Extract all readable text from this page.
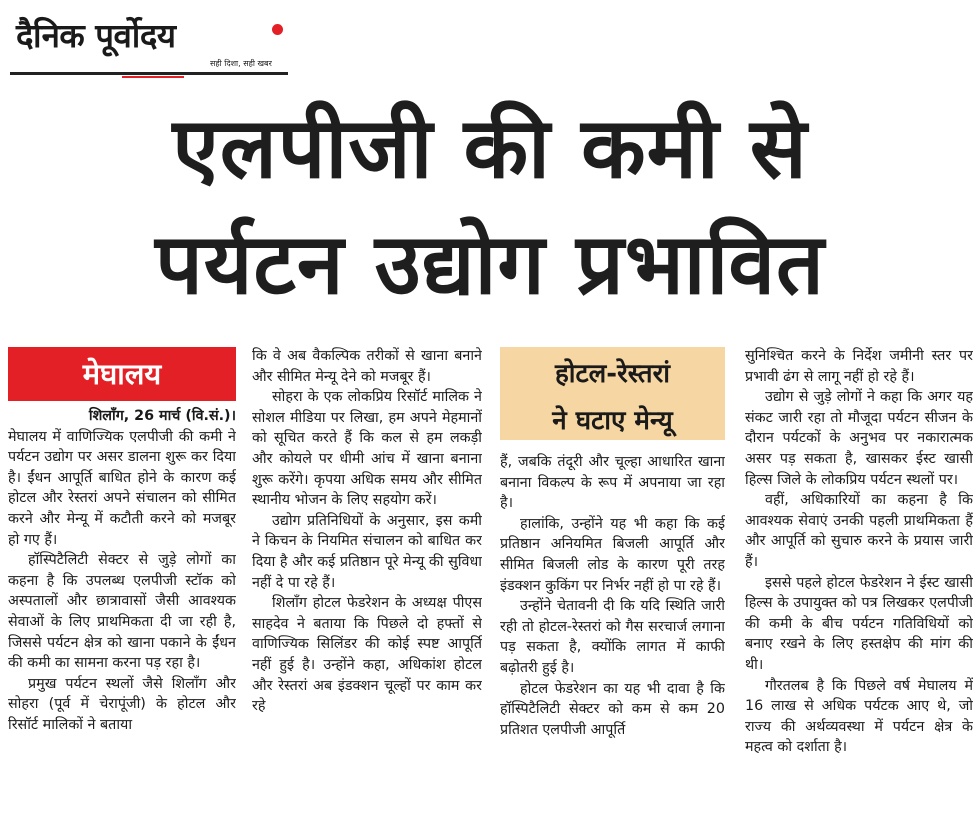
दैनिक पूर्वोदय
सही दिशा, सही खबर
एलपीजी की कमी से
पर्यटन उद्योग प्रभावित
मेघालय

शिलॉंग, 26 मार्च (वि.सं.)।

मेघालय में वाणिज्यिक एलपीजी की कमी ने पर्यटन उद्योग पर असर डालना शुरू कर दिया है। ईंधन आपूर्ति बाधित होने के कारण कई होटल और रेस्तरां अपने संचालन को सीमित करने और मेन्यू में कटौती करने को मजबूर हो गए हैं।

हॉस्पिटैलिटी सेक्टर से जुड़े लोगों का कहना है कि उपलब्ध एलपीजी स्टॉक को अस्पतालों और छात्रावासों जैसी आवश्यक सेवाओं के लिए प्राथमिकता दी जा रही है, जिससे पर्यटन क्षेत्र को खाना पकाने के ईंधन की कमी का सामना करना पड़ रहा है।

प्रमुख पर्यटन स्थलों जैसे शिलॉंग और सोहरा (पूर्व में चेरापूंजी) के होटल और रिसॉर्ट मालिकों ने बताया

कि वे अब वैकल्पिक तरीकों से खाना बनाने और सीमित मेन्यू देने को मजबूर हैं।

सोहरा के एक लोकप्रिय रिसॉर्ट मालिक ने सोशल मीडिया पर लिखा, हम अपने मेहमानों को सूचित करते हैं कि कल से हम लकड़ी और कोयले पर धीमी आंच में खाना बनाना शुरू करेंगे। कृपया अधिक समय और सीमित स्थानीय भोजन के लिए सहयोग करें।

उद्योग प्रतिनिधियों के अनुसार, इस कमी ने किचन के नियमित संचालन को बाधित कर दिया है और कई प्रतिष्ठान पूरे मेन्यू की सुविधा नहीं दे पा रहे हैं।

शिलॉंग होटल फेडरेशन के अध्यक्ष पीएस साहदेव ने बताया कि पिछले दो हफ्तों से वाणिज्यिक सिलिंडर की कोई स्पष्ट आपूर्ति नहीं हुई है। उन्होंने कहा, अधिकांश होटल और रेस्तरां अब इंडक्शन चूल्हों पर काम कर रहे

होटल-रेस्तरां
ने घटाए मेन्यू

हैं, जबकि तंदूरी और चूल्हा आधारित खाना बनाना विकल्प के रूप में अपनाया जा रहा है।

हालांकि, उन्होंने यह भी कहा कि कई प्रतिष्ठान अनियमित बिजली आपूर्ति और सीमित बिजली लोड के कारण पूरी तरह इंडक्शन कुकिंग पर निर्भर नहीं हो पा रहे हैं।

उन्होंने चेतावनी दी कि यदि स्थिति जारी रही तो होटल-रेस्तरां को गैस सरचार्ज लगाना पड़ सकता है, क्योंकि लागत में काफी बढ़ोतरी हुई है।

होटल फेडरेशन का यह भी दावा है कि हॉस्पिटैलिटी सेक्टर को कम से कम 20 प्रतिशत एलपीजी आपूर्ति

सुनिश्चित करने के निर्देश जमीनी स्तर पर प्रभावी ढंग से लागू नहीं हो रहे हैं।

उद्योग से जुड़े लोगों ने कहा कि अगर यह संकट जारी रहा तो मौजूदा पर्यटन सीजन के दौरान पर्यटकों के अनुभव पर नकारात्मक असर पड़ सकता है, खासकर ईस्ट खासी हिल्स जिले के लोकप्रिय पर्यटन स्थलों पर।

वहीं, अधिकारियों का कहना है कि आवश्यक सेवाएं उनकी पहली प्राथमिकता हैं और आपूर्ति को सुचारु करने के प्रयास जारी हैं।

इससे पहले होटल फेडरेशन ने ईस्ट खासी हिल्स के उपायुक्त को पत्र लिखकर एलपीजी की कमी के बीच पर्यटन गतिविधियों को बनाए रखने के लिए हस्तक्षेप की मांग की थी।

गौरतलब है कि पिछले वर्ष मेघालय में 16 लाख से अधिक पर्यटक आए थे, जो राज्य की अर्थव्यवस्था में पर्यटन क्षेत्र के महत्व को दर्शाता है।
